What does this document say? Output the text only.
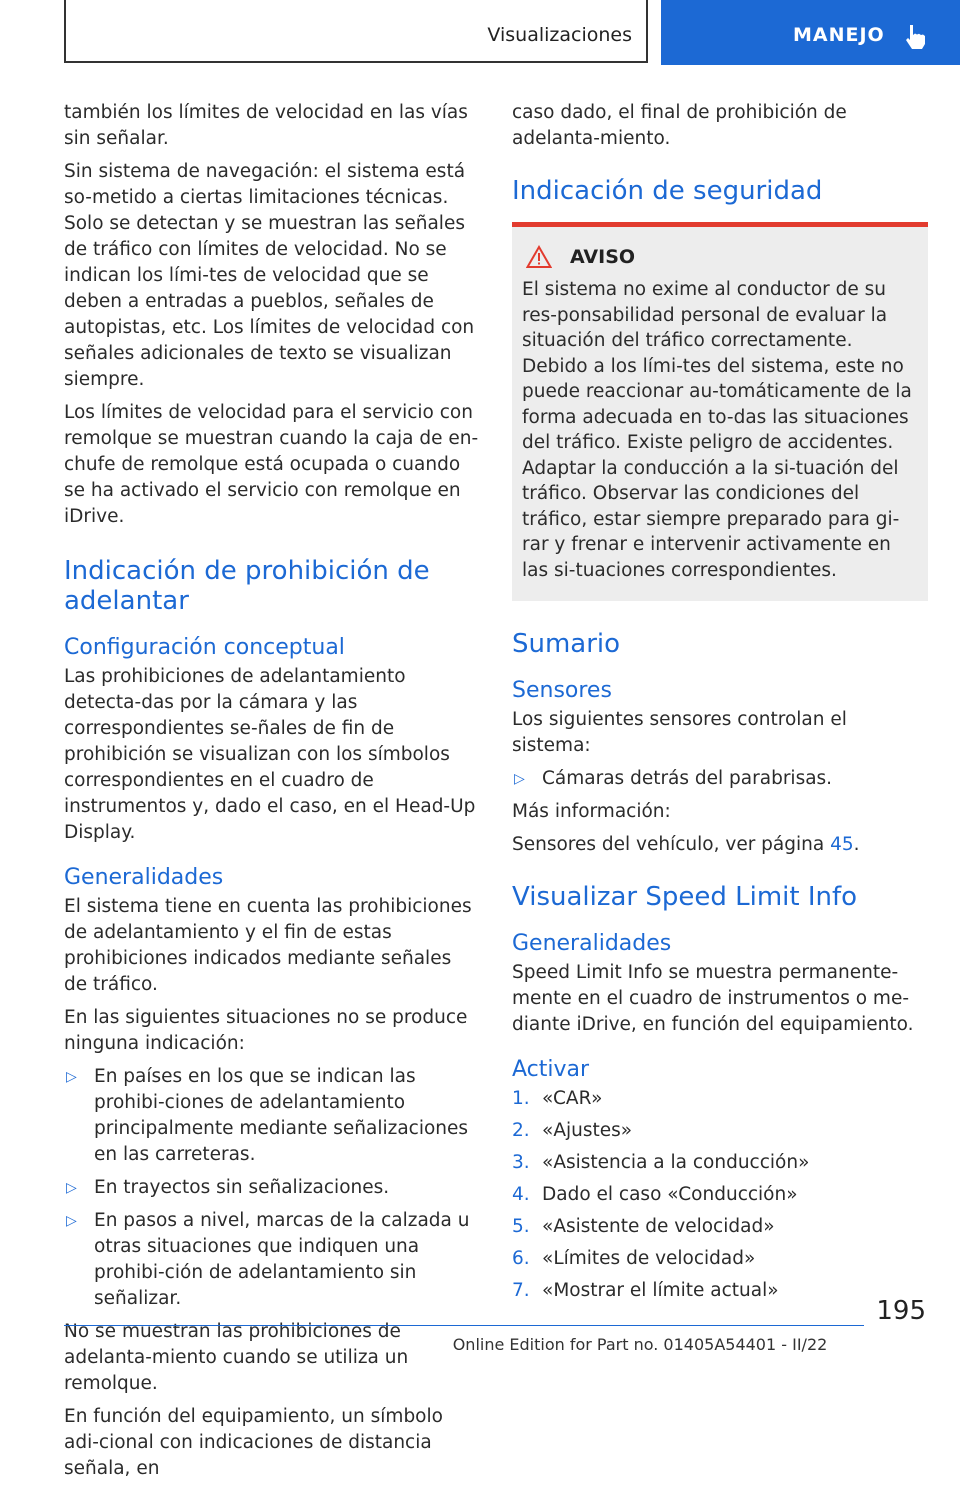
Visualizaciones	MANEJO

también los límites de velocidad en las vías sin señalar.

Sin sistema de navegación: el sistema está so-metido a ciertas limitaciones técnicas. Solo se detectan y se muestran las señales de tráfico con límites de velocidad. No se indican los lími-tes de velocidad que se deben a entradas a pueblos, señales de autopistas, etc. Los límites de velocidad con señales adicionales de texto se visualizan siempre.

Los límites de velocidad para el servicio con remolque se muestran cuando la caja de en-chufe de remolque está ocupada o cuando se ha activado el servicio con remolque en iDrive.

Indicación de prohibición de adelantar
Configuración conceptual

Las prohibiciones de adelantamiento detecta-das por la cámara y las correspondientes se-ñales de fin de prohibición se visualizan con los símbolos correspondientes en el cuadro de instrumentos y, dado el caso, en el Head-Up Display.

Generalidades

El sistema tiene en cuenta las prohibiciones de adelantamiento y el fin de estas prohibiciones indicados mediante señales de tráfico.

En las siguientes situaciones no se produce ninguna indicación:

▷ En países en los que se indican las prohibi-ciones de adelantamiento principalmente mediante señalizaciones en las carreteras.
▷ En trayectos sin señalizaciones.
▷ En pasos a nivel, marcas de la calzada u otras situaciones que indiquen una prohibi-ción de adelantamiento sin señalizar.

No se muestran las prohibiciones de adelanta-miento cuando se utiliza un remolque.

En función del equipamiento, un símbolo adi-cional con indicaciones de distancia señala, en

caso dado, el final de prohibición de adelanta-miento.

Indicación de seguridad
AVISO

El sistema no exime al conductor de su res-ponsabilidad personal de evaluar la situación del tráfico correctamente. Debido a los lími-tes del sistema, este no puede reaccionar au-tomáticamente de la forma adecuada en to-das las situaciones del tráfico. Existe peligro de accidentes. Adaptar la conducción a la si-tuación del tráfico. Observar las condiciones del tráfico, estar siempre preparado para gi-rar y frenar e intervenir activamente en las si-tuaciones correspondientes.

Sumario
Sensores

Los siguientes sensores controlan el sistema:

▷ Cámaras detrás del parabrisas.

Más información:

Sensores del vehículo, ver página 45.

Visualizar Speed Limit Info
Generalidades

Speed Limit Info se muestra permanente-mente en el cuadro de instrumentos o me-diante iDrive, en función del equipamiento.

Activar
1. «CAR»
2. «Ajustes»
3. «Asistencia a la conducción»
4. Dado el caso «Conducción»
5. «Asistente de velocidad»
6. «Límites de velocidad»
7. «Mostrar el límite actual»
195
Online Edition for Part no. 01405A54401 - II/22
